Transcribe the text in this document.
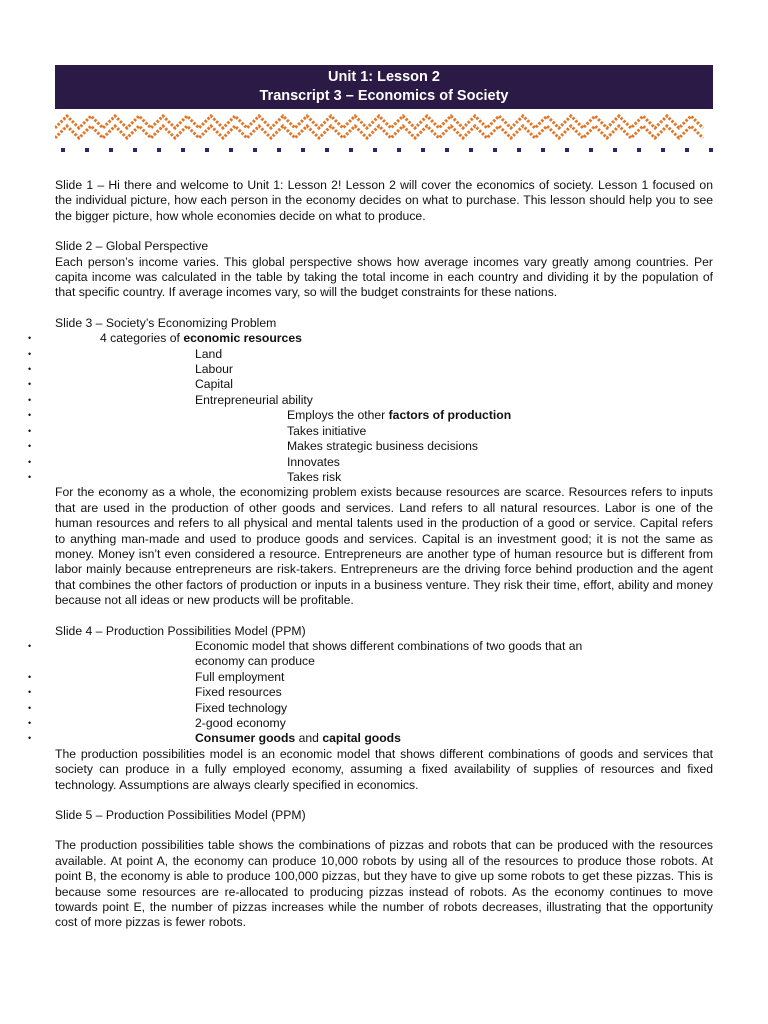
Unit 1: Lesson 2
Transcript 3 – Economics of Society

Slide 1 – Hi there and welcome to Unit 1: Lesson 2! Lesson 2 will cover the economics of society. Lesson 1 focused on the individual picture, how each person in the economy decides on what to purchase. This lesson should help you to see the bigger picture, how whole economies decide on what to produce.

Slide 2 – Global Perspective

Each person’s income varies. This global perspective shows how average incomes vary greatly among countries. Per capita income was calculated in the table by taking the total income in each country and dividing it by the population of that specific country. If average incomes vary, so will the budget constraints for these nations.

Slide 3 – Society’s Economizing Problem
• 4 categories of economic resources
• Land
• Labour
• Capital
• Entrepreneurial ability
• Employs the other factors of production
• Takes initiative
• Makes strategic business decisions
• Innovates
• Takes risk

For the economy as a whole, the economizing problem exists because resources are scarce. Resources refers to inputs that are used in the production of other goods and services. Land refers to all natural resources. Labor is one of the human resources and refers to all physical and mental talents used in the production of a good or service. Capital refers to anything man-made and used to produce goods and services. Capital is an investment good; it is not the same as money. Money isn’t even considered a resource. Entrepreneurs are another type of human resource but is different from labor mainly because entrepreneurs are risk-takers. Entrepreneurs are the driving force behind production and the agent that combines the other factors of production or inputs in a business venture. They risk their time, effort, ability and money because not all ideas or new products will be profitable.

Slide 4 – Production Possibilities Model (PPM)
• Economic model that shows different combinations of two goods that an economy can produce
• Full employment
• Fixed resources
• Fixed technology
• 2-good economy
• Consumer goods and capital goods

The production possibilities model is an economic model that shows different combinations of goods and services that society can produce in a fully employed economy, assuming a fixed availability of supplies of resources and fixed technology. Assumptions are always clearly specified in economics.

Slide 5 – Production Possibilities Model (PPM)

The production possibilities table shows the combinations of pizzas and robots that can be produced with the resources available. At point A, the economy can produce 10,000 robots by using all of the resources to produce those robots. At point B, the economy is able to produce 100,000 pizzas, but they have to give up some robots to get these pizzas. This is because some resources are re-allocated to producing pizzas instead of robots. As the economy continues to move towards point E, the number of pizzas increases while the number of robots decreases, illustrating that the opportunity cost of more pizzas is fewer robots.
